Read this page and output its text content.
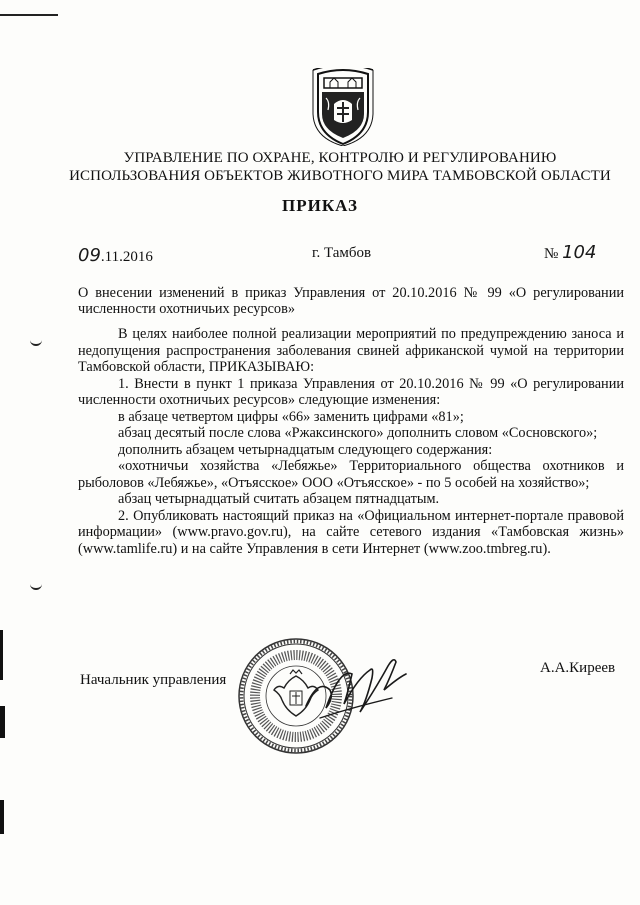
УПРАВЛЕНИЕ ПО ОХРАНЕ, КОНТРОЛЮ И РЕГУЛИРОВАНИЮ
ИСПОЛЬЗОВАНИЯ ОБЪЕКТОВ ЖИВОТНОГО МИРА ТАМБОВСКОЙ ОБЛАСТИ
ПРИКАЗ
09.11.2016	г. Тамбов	№ 104
О внесении изменений в приказ Управления от 20.10.2016 № 99 «О регулировании численности охотничьих ресурсов»

В целях наиболее полной реализации мероприятий по предупреждению заноса и недопущения распространения заболевания свиней африканской чумой на территории Тамбовской области, ПРИКАЗЫВАЮ:

1. Внести в пункт 1 приказа Управления от 20.10.2016 № 99 «О регулировании численности охотничьих ресурсов» следующие изменения:

в абзаце четвертом цифры «66» заменить цифрами «81»;

абзац десятый после слова «Ржаксинского» дополнить словом «Сосновского»;

дополнить абзацем четырнадцатым следующего содержания:

«охотничьи хозяйства «Лебяжье» Территориального общества охотников и рыболовов «Лебяжье», «Отъясское» ООО «Отъясское» - по 5 особей на хозяйство»;

абзац четырнадцатый считать абзацем пятнадцатым.

2. Опубликовать настоящий приказ на «Официальном интернет-портале правовой информации» (www.pravo.gov.ru), на сайте сетевого издания «Тамбовская жизнь» (www.tamlife.ru) и на сайте Управления в сети Интернет (www.zoo.tmbreg.ru).

Начальник управления
А.А.Киреев
